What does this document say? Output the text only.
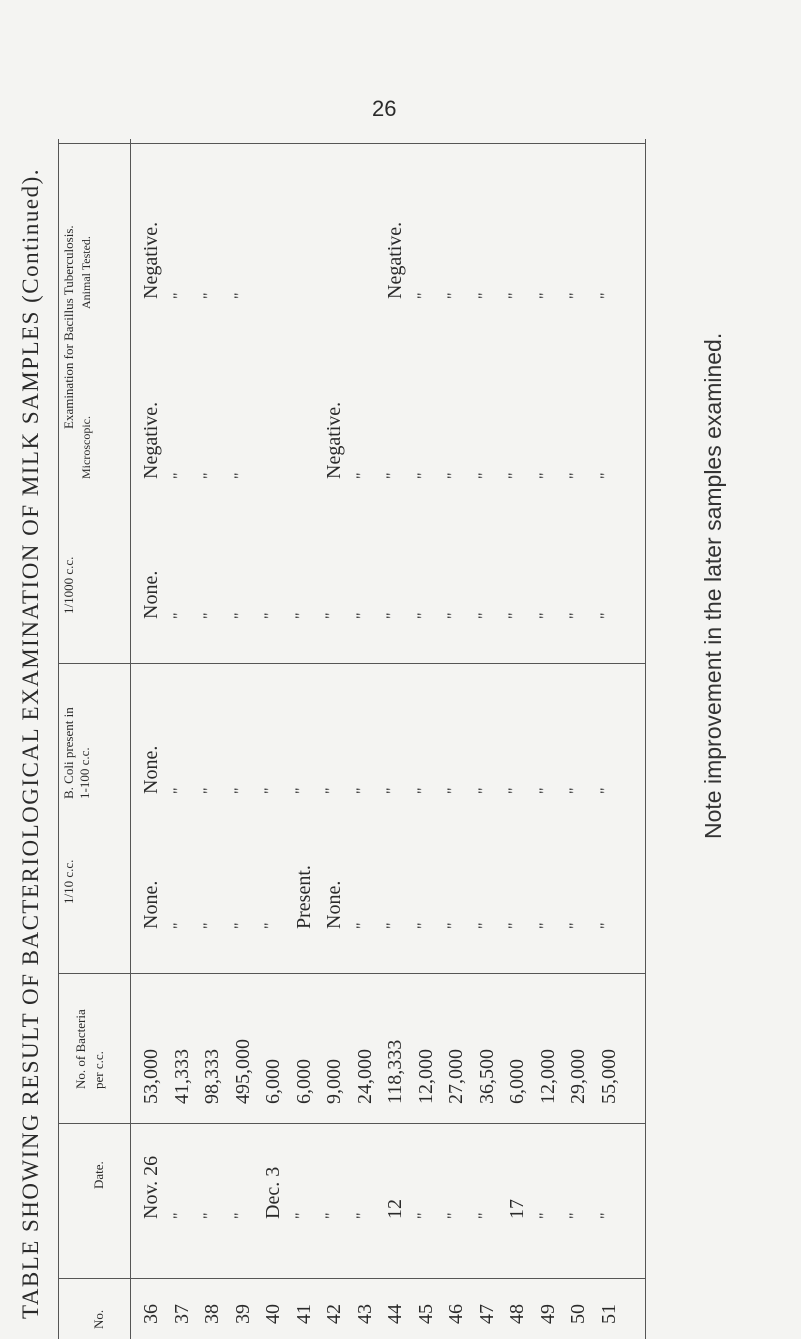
26
TABLE SHOWING RESULT OF BACTERIOLOGICAL EXAMINATION OF MILK SAMPLES (Continued).
No.
Date.
No. of Bacteria per c.c.
1/10 c.c.
B. Coli present in 1-100 c.c.
1/1000 c.c.
Examination for Bacillus Tuberculosis.
Microscopic.
Animal Tested.
36
Nov. 26
53,000
None.
None.
None.
Negative.
Negative.
37
"
41,333
"
"
"
"
"
38
"
98,333
"
"
"
"
"
39
"
495,000
"
"
"
"
"
40
Dec. 3
6,000
"
"
"
41
"
6,000
Present.
"
"
42
"
9,000
None.
"
"
Negative.
43
"
24,000
"
"
"
"
44
12
118,333
"
"
"
"
Negative.
45
"
12,000
"
"
"
"
"
46
"
27,000
"
"
"
"
"
47
"
36,500
"
"
"
"
"
48
17
6,000
"
"
"
"
"
49
"
12,000
"
"
"
"
"
50
"
29,000
"
"
"
"
"
51
"
55,000
"
"
"
"
"
Note improvement in the later samples examined.
